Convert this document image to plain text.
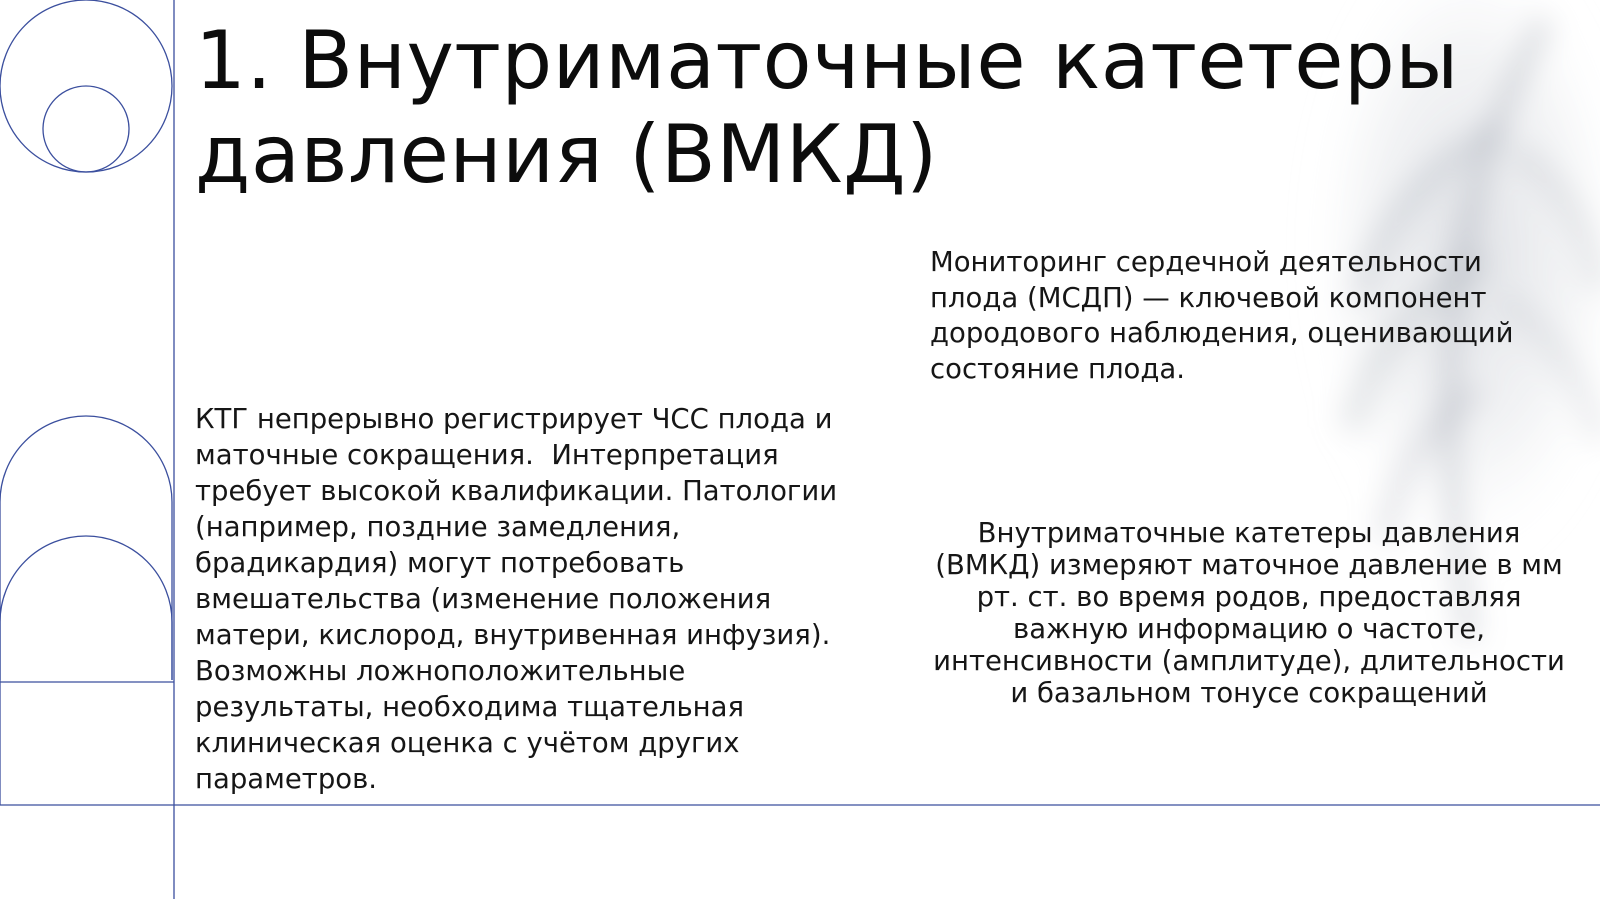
1. Внутриматочные катетеры
давления (ВМКД)
КТГ непрерывно регистрирует ЧСС плода и
маточные сокращения.  Интерпретация
требует высокой квалификации. Патологии
(например, поздние замедления,
брадикардия) могут потребовать
вмешательства (изменение положения
матери, кислород, внутривенная инфузия).
Возможны ложноположительные
результаты, необходима тщательная
клиническая оценка с учётом других
параметров.
Мониторинг сердечной деятельности
плода (МСДП) — ключевой компонент
дородового наблюдения, оценивающий
состояние плода.
Внутриматочные катетеры давления
(ВМКД) измеряют маточное давление в мм
рт. ст. во время родов, предоставляя
важную информацию о частоте,
интенсивности (амплитуде), длительности
и базальном тонусе сокращений
